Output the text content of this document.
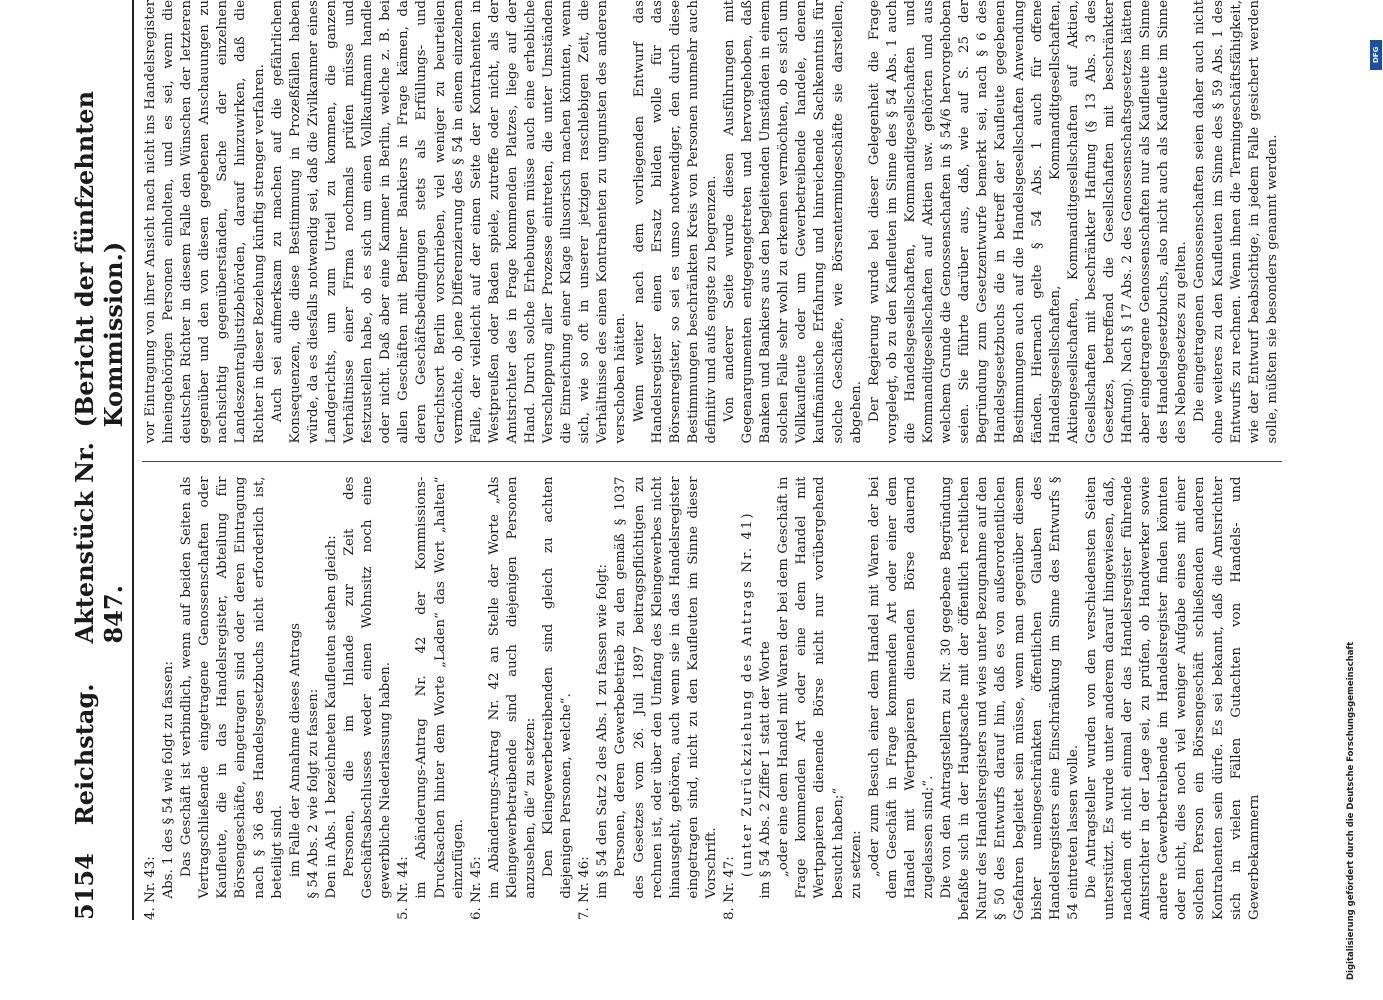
5154
Reichstag.
Aktenstück Nr. 847.
(Bericht der fünfzehnten Kommission.)

4. Nr. 43: Abs. 1 des § 54 wie folgt zu fassen: Das Geschäft ist verbindlich, wenn auf beiden Seiten als Vertragschließende eingetragene Genossenschaften oder Kaufleute, die in das Handelsregister, Abteilung für Börsengeschäfte, eingetragen sind oder deren Eintragung nach § 36 des Handelsgesetzbuchs nicht erforderlich ist, beteiligt sind. im Falle der Annahme dieses Antrags § 54 Abs. 2 wie folgt zu fassen: Den in Abs. 1 bezeichneten Kaufleuten stehen gleich: Personen, die im Inlande zur Zeit des Geschäftsabschlusses weder einen Wohnsitz noch eine gewerbliche Niederlassung haben. 5. Nr. 44: im Abänderungs-Antrag Nr. 42 der Kommissions-Drucksachen hinter dem Worte „Laden“ das Wort „halten“ einzufügen. 6. Nr. 45: im Abänderungs-Antrag Nr. 42 an Stelle der Worte „Als Kleingewerbetreibende sind auch diejenigen Personen anzusehen, die“ zu setzen: Den Kleingewerbetreibenden sind gleich zu achten diejenigen Personen, welche“. 7. Nr. 46: im § 54 den Satz 2 des Abs. 1 zu fassen wie folgt: Personen, deren Gewerbebetrieb zu den gemäß § 1037 des Gesetzes vom 26. Juli 1897 beitragspflichtigen zu rechnen ist, oder über den Umfang des Kleingewerbes nicht hinausgeht, gehören, auch wenn sie in das Handelsregister eingetragen sind, nicht zu den Kaufleuten im Sinne dieser Vorschrift. 8. Nr. 47:

(unter Zurückziehung des Antrags Nr. 41) im § 54 Abs. 2 Ziffer 1 statt der Worte „oder eine dem Handel mit Waren der bei dem Geschäft in Frage kommenden Art oder eine dem Handel mit Wertpapieren dienende Börse nicht nur vorübergehend besucht haben;“ zu setzen: „oder zum Besuch einer dem Handel mit Waren der bei dem Geschäft in Frage kommenden Art oder einer dem Handel mit Wertpapieren dienenden Börse dauernd zugelassen sind;“. Die von den Antragstellern zu Nr. 30 gegebene Begründung befaßte sich in der Hauptsache mit der öffentlich rechtlichen Natur des Handelsregisters und wies unter Bezugnahme auf den § 50 des Entwurfs darauf hin, daß es von außerordentlichen Gefahren begleitet sein müsse, wenn man gegenüber diesem bisher uneingeschränkten öffentlichen Glauben des Handelsregisters eine Einschränkung im Sinne des Entwurfs § 54 eintreten lassen wolle. Die Antragsteller wurden von den verschiedensten Seiten unterstützt. Es wurde unter anderem darauf hingewiesen, daß, nachdem oft nicht einmal der das Handelsregister führende Amtsrichter in der Lage sei, zu prüfen, ob Handwerker sowie andere Gewerbetreibende im Handelsregister finden könnten oder nicht, dies noch viel weniger Aufgabe eines mit einer solchen Person ein Börsengeschäft schließenden anderen Kontrahenten sein dürfe. Es sei bekannt, daß die Amtsrichter sich in vielen Fällen Gutachten von Handels- und Gewerbekammern

vor Eintragung von ihrer Ansicht nach nicht ins Handelsregister hineingehörigen Personen einholten, und es sei, wenn die deutschen Richter in diesem Falle den Wünschen der letzteren gegenüber und den von diesen gegebenen Anschauungen zu nachsichtig gegenüberständen, Sache der einzelnen Landeszentraljustizbehörden, darauf hinzuwirken, daß die Richter in dieser Beziehung künftig strenger verfahren. Auch sei aufmerksam zu machen auf die gefährlichen Konsequenzen, die diese Bestimmung in Prozeßfällen haben würde, da es diesfalls notwendig sei, daß die Zivilkammer eines Landgerichts, um zum Urteil zu kommen, die ganzen Verhältnisse einer Firma nochmals prüfen müsse und festzustellen habe, ob es sich um einen Vollkaufmann handle oder nicht. Daß aber eine Kammer in Berlin, welche z. B. bei allen Geschäften mit Berliner Bankiers in Frage kämen, da deren Geschäftsbedingungen stets als Erfüllungs- und Gerichtsort Berlin vorschrieben, viel weniger zu beurteilen vermöchte, ob jene Differenzierung des § 54 in einem einzelnen Falle, der vielleicht auf der einen Seite der Kontrahenten in Westpreußen oder Baden spiele, zutreffe oder nicht, als der Amtsrichter des in Frage kommenden Platzes, liege auf der Hand. Durch solche Erhebungen müsse auch eine erhebliche Verschleppung aller Prozesse eintreten, die unter Umständen die Einreichung einer Klage illusorisch machen könnten, wenn sich, wie so oft in unserer jetzigen raschlebigen Zeit, die Verhältnisse des einen Kontrahenten zu ungunsten des anderen verschoben hätten. Wenn weiter nach dem vorliegenden Entwurf das Handelsregister einen Ersatz bilden wolle für das Börsenregister, so sei es umso notwendiger, den durch diese Bestimmungen beschränkten Kreis von Personen nunmehr auch definitiv und aufs engste zu begrenzen. Von anderer Seite wurde diesen Ausführungen mit Gegenargumenten entgegengetreten und hervorgehoben, daß Banken und Bankiers aus den begleitenden Umständen in einem solchen Falle sehr wohl zu erkennen vermöchten, ob es sich um Vollkaufleute oder um Gewerbetreibende handele, denen kaufmännische Erfahrung und hinreichende Sachkenntnis für solche Geschäfte, wie Börsentermingeschäfte sie darstellen, abgehen. Der Regierung wurde bei dieser Gelegenheit die Frage vorgelegt, ob zu den Kaufleuten im Sinne des § 54 Abs. 1 auch die Handelsgesellschaften, Kommanditgesellschaften und Kommanditgesellschaften auf Aktien usw. gehörten und aus welchem Grunde die Genossenschaften in § 54/6 hervorgehoben seien. Sie führte darüber aus, daß, wie auf S. 25 der Begründung zum Gesetzentwurfe bemerkt sei, nach § 6 des Handelsgesetzbuchs die in betreff der Kaufleute gegebenen Bestimmungen auch auf die Handelsgesellschaften Anwendung fänden. Hiernach gelte § 54 Abs. 1 auch für offene Handelsgesellschaften, Kommanditgesellschaften, Aktiengesellschaften, Kommanditgesellschaften auf Aktien, Gesellschaften mit beschränkter Haftung (§ 13 Abs. 3 des Gesetzes, betreffend die Gesellschaften mit beschränkter Haftung). Nach § 17 Abs. 2 des Genossenschaftsgesetzes hätten aber eingetragene Genossenschaften nur als Kaufleute im Sinne des Handelsgesetzbuchs, also nicht auch als Kaufleute im Sinne des Nebengesetzes zu gelten. Die eingetragenen Genossenschaften seien daher auch nicht ohne weiteres zu den Kaufleuten im Sinne des § 59 Abs. 1 des Entwurfs zu rechnen. Wenn ihnen die Termingeschäftsfähigkeit, wie der Entwurf beabsichtige, in jedem Falle gesichert werden solle, müßten sie besonders genannt werden.

Digitalisierung gefördert durch die Deutsche Forschungsgemeinschaft
DFG
